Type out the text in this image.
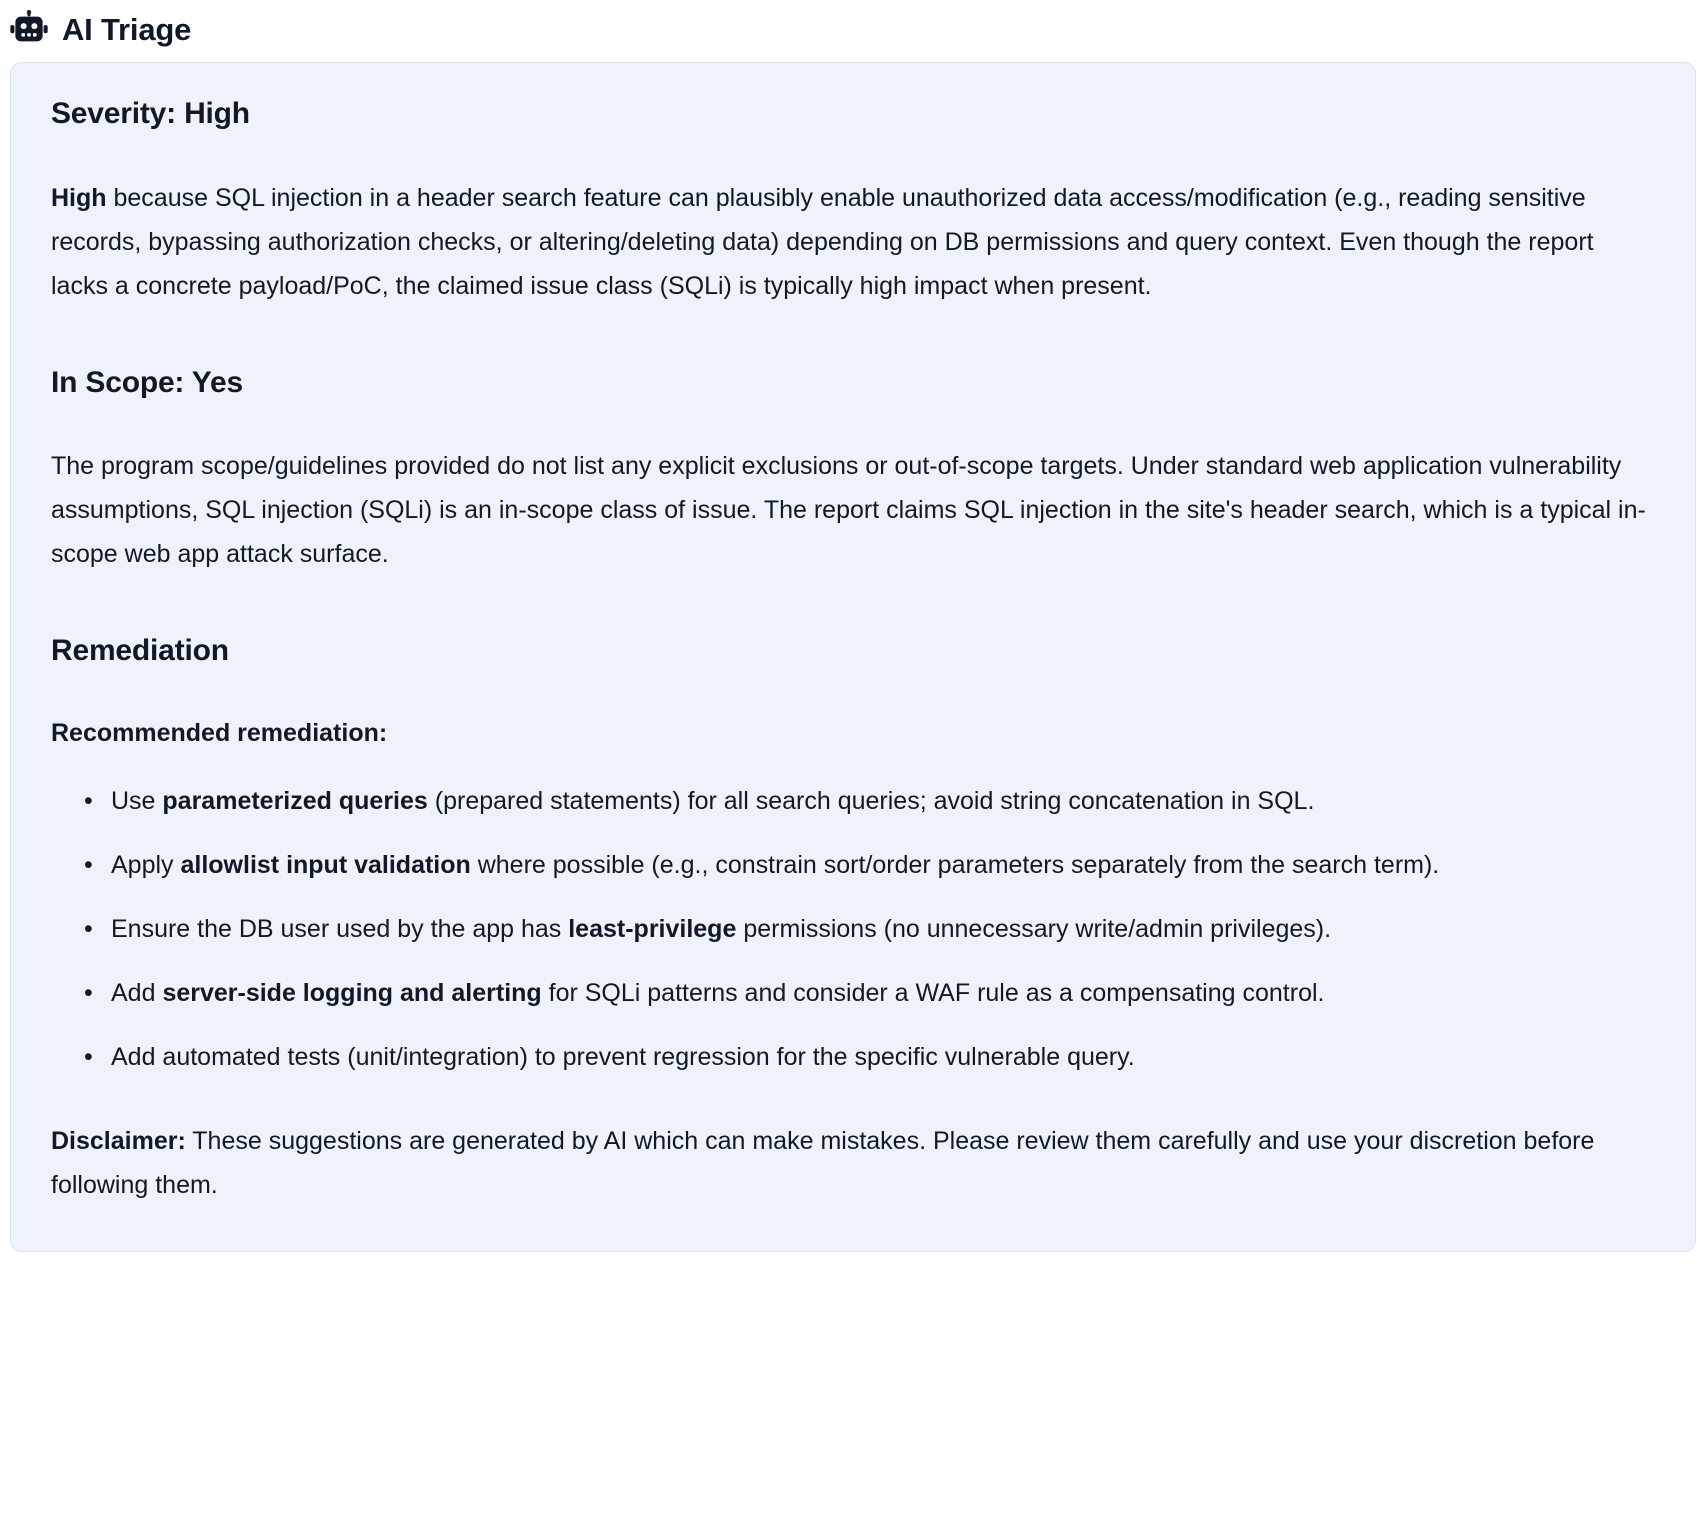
AI Triage
Severity: High

High because SQL injection in a header search feature can plausibly enable unauthorized data access/modification (e.g., reading sensitive records, bypassing authorization checks, or altering/deleting data) depending on DB permissions and query context. Even though the report lacks a concrete payload/PoC, the claimed issue class (SQLi) is typically high impact when present.

In Scope: Yes

The program scope/guidelines provided do not list any explicit exclusions or out-of-scope targets. Under standard web application vulnerability assumptions, SQL injection (SQLi) is an in-scope class of issue. The report claims SQL injection in the site's header search, which is a typical in-scope web app attack surface.

Remediation

Recommended remediation:

• Use parameterized queries (prepared statements) for all search queries; avoid string concatenation in SQL.
• Apply allowlist input validation where possible (e.g., constrain sort/order parameters separately from the search term).
• Ensure the DB user used by the app has least-privilege permissions (no unnecessary write/admin privileges).
• Add server-side logging and alerting for SQLi patterns and consider a WAF rule as a compensating control.
• Add automated tests (unit/integration) to prevent regression for the specific vulnerable query.

Disclaimer: These suggestions are generated by AI which can make mistakes. Please review them carefully and use your discretion before following them.
